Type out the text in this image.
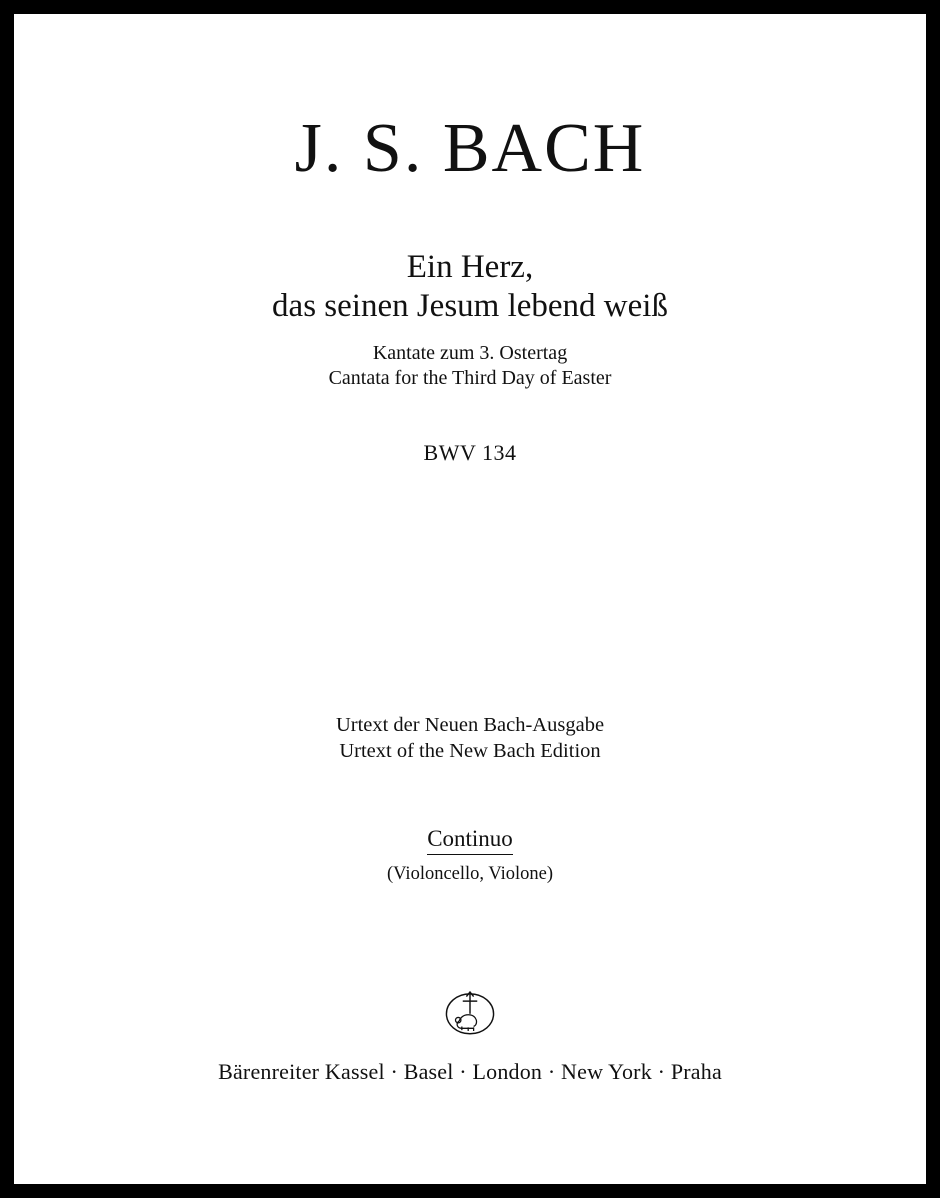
J. S. BACH
Ein Herz,
das seinen Jesum lebend weiß
Kantate zum 3. Ostertag
Cantata for the Third Day of Easter
BWV 134
Urtext der Neuen Bach-Ausgabe
Urtext of the New Bach Edition
Continuo
(Violoncello, Violone)
Bärenreiter Kassel · Basel · London · New York · Praha
